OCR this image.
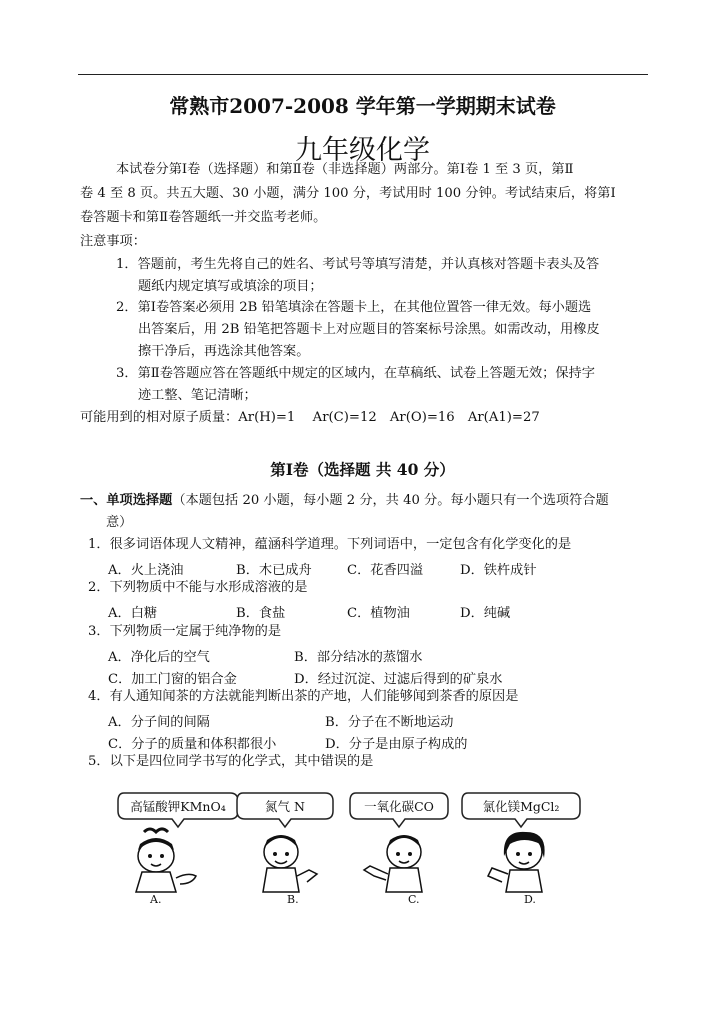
常熟市2007-2008 学年第一学期期末试卷
九年级化学
本试卷分第Ⅰ卷（选择题）和第Ⅱ卷（非选择题）两部分。第Ⅰ卷 1 至 3 页，第Ⅱ
卷 4 至 8 页。共五大题、30 小题，满分 100 分，考试用时 100 分钟。考试结束后，将第Ⅰ
卷答题卡和第Ⅱ卷答题纸一并交监考老师。
注意事项：
1．答题前，考生先将自己的姓名、考试号等填写清楚，并认真核对答题卡表头及答
题纸内规定填写或填涂的项目；
2．第Ⅰ卷答案必须用 2B 铅笔填涂在答题卡上，在其他位置答一律无效。每小题选
出答案后，用 2B 铅笔把答题卡上对应题目的答案标号涂黑。如需改动，用橡皮
擦干净后，再选涂其他答案。
3．第Ⅱ卷答题应答在答题纸中规定的区域内，在草稿纸、试卷上答题无效；保持字
迹工整、笔记清晰；
可能用到的相对原子质量：Ar(H)=1　 Ar(C)=12　Ar(O)=16　Ar(A1)=27
第Ⅰ卷（选择题 共 40 分）
一、单项选择题（本题包括 20 小题，每小题 2 分，共 40 分。每小题只有一个选项符合题
意）
1．很多词语体现人文精神，蕴涵科学道理。下列词语中，一定包含有化学变化的是
A．火上浇油	B．木已成舟	C．花香四溢	D．铁杵成针
2．下列物质中不能与水形成溶液的是
A．白糖	B．食盐	C．植物油	D．纯碱
3．下列物质一定属于纯净物的是
A．净化后的空气	B．部分结冰的蒸馏水
C．加工门窗的铝合金	D．经过沉淀、过滤后得到的矿泉水
4．有人通知闻茶的方法就能判断出茶的产地，人们能够闻到茶香的原因是
A．分子间的间隔	B．分子在不断地运动
C．分子的质量和体积都很小	D．分子是由原子构成的
5．以下是四位同学书写的化学式，其中错误的是
高锰酸钾KMnO₄	氮气 N	一氧化碳CO	氯化镁MgCl₂
A.	B.	C.	D.
